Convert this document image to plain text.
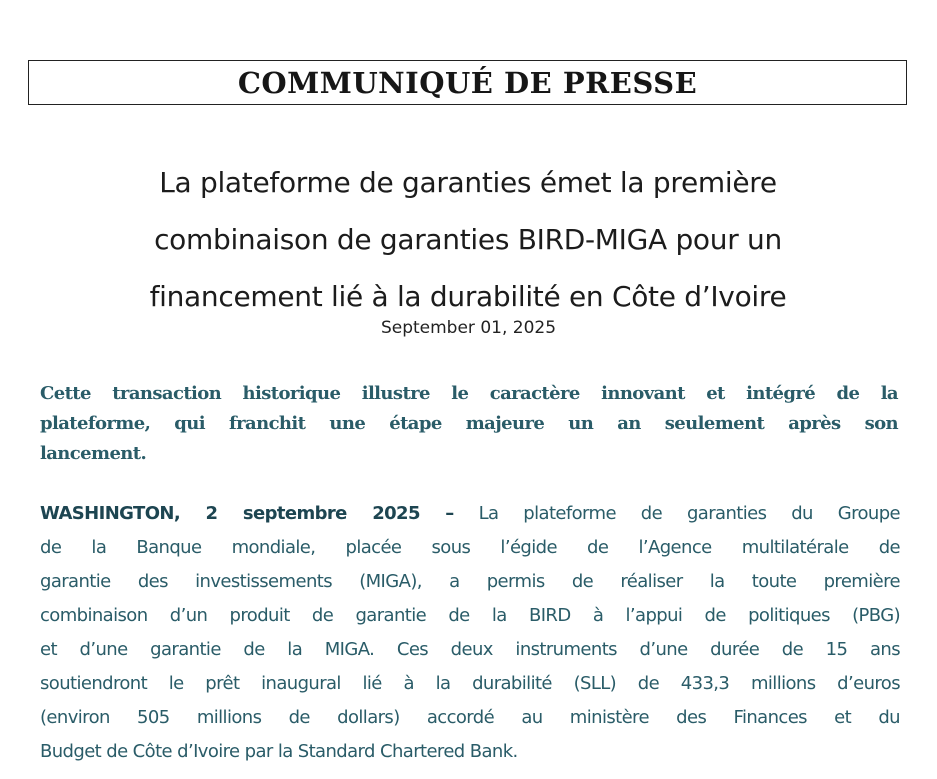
COMMUNIQUÉ DE PRESSE
La plateforme de garanties émet la première
combinaison de garanties BIRD-MIGA pour un
financement lié à la durabilité en Côte d’Ivoire
September 01, 2025

Cette transaction historique illustre le caractère innovant et intégré de la
plateforme, qui franchit une étape majeure un an seulement après son
lancement.

WASHINGTON, 2 septembre 2025 – La plateforme de garanties du Groupe
de la Banque mondiale, placée sous l’égide de l’Agence multilatérale de
garantie des investissements (MIGA), a permis de réaliser la toute première
combinaison d’un produit de garantie de la BIRD à l’appui de politiques (PBG)
et d’une garantie de la MIGA. Ces deux instruments d’une durée de 15 ans
soutiendront le prêt inaugural lié à la durabilité (SLL) de 433,3 millions d’euros
(environ 505 millions de dollars) accordé au ministère des Finances et du
Budget de Côte d’Ivoire par la Standard Chartered Bank.
